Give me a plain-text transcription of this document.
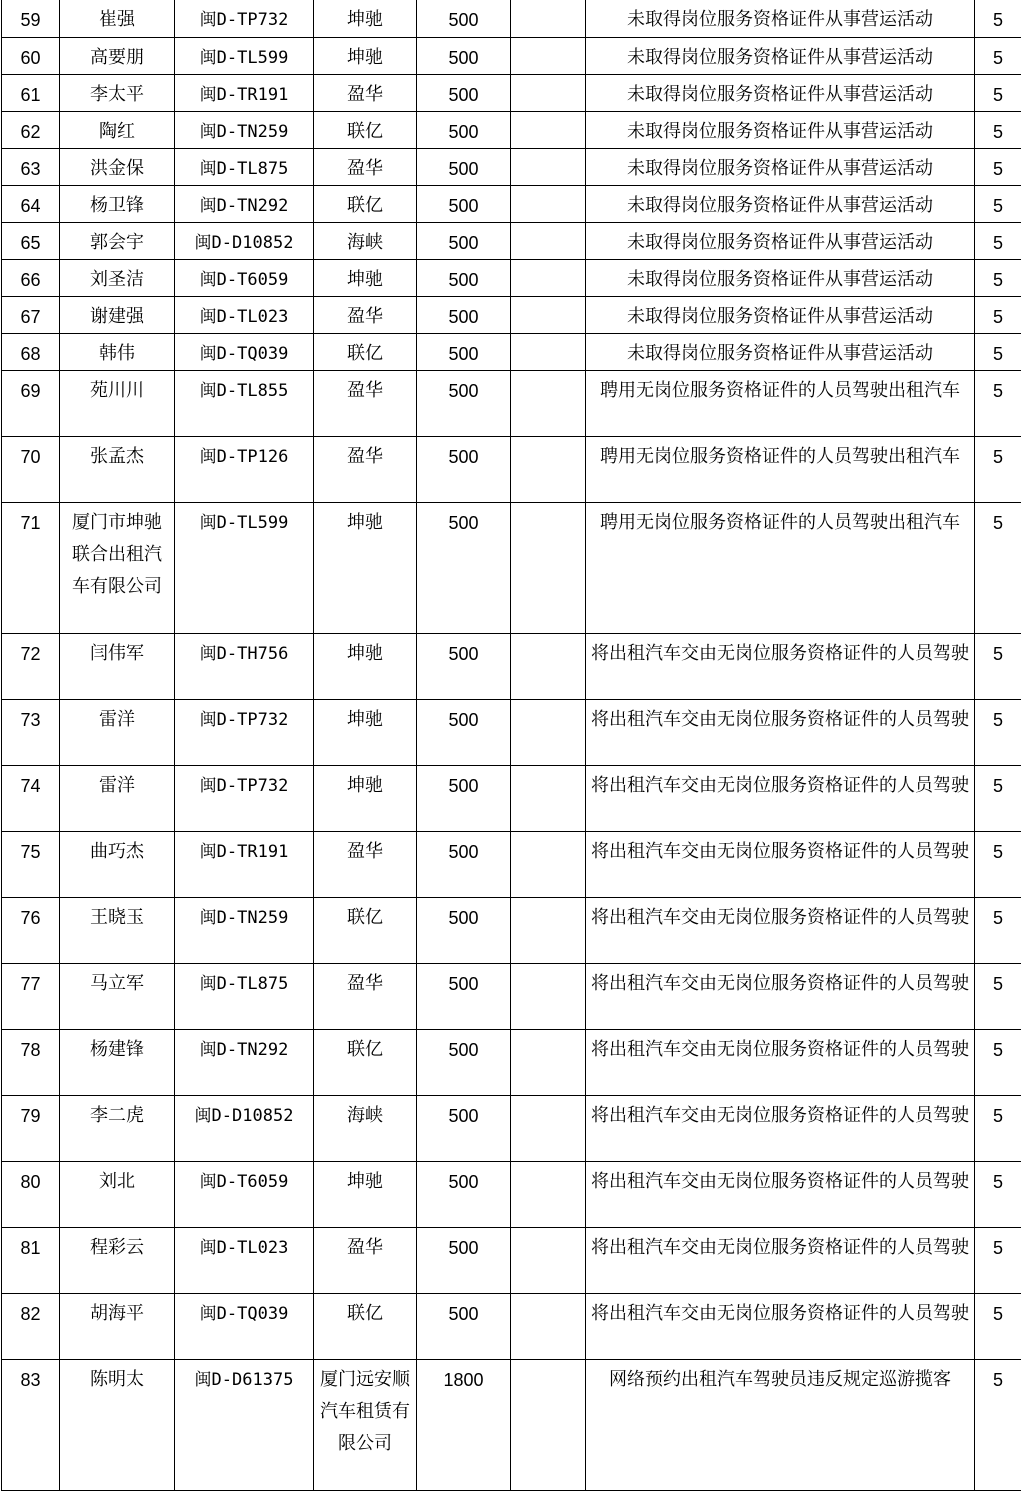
59	崔强	闽D-TP732	坤驰	500		未取得岗位服务资格证件从事营运活动	5
60	高要朋	闽D-TL599	坤驰	500		未取得岗位服务资格证件从事营运活动	5
61	李太平	闽D-TR191	盈华	500		未取得岗位服务资格证件从事营运活动	5
62	陶红	闽D-TN259	联亿	500		未取得岗位服务资格证件从事营运活动	5
63	洪金保	闽D-TL875	盈华	500		未取得岗位服务资格证件从事营运活动	5
64	杨卫锋	闽D-TN292	联亿	500		未取得岗位服务资格证件从事营运活动	5
65	郭会宇	闽D-D10852	海峡	500		未取得岗位服务资格证件从事营运活动	5
66	刘圣洁	闽D-T6059	坤驰	500		未取得岗位服务资格证件从事营运活动	5
67	谢建强	闽D-TL023	盈华	500		未取得岗位服务资格证件从事营运活动	5
68	韩伟	闽D-TQ039	联亿	500		未取得岗位服务资格证件从事营运活动	5
69	苑川川	闽D-TL855	盈华	500		聘用无岗位服务资格证件的人员驾驶出租汽车	5
70	张孟杰	闽D-TP126	盈华	500		聘用无岗位服务资格证件的人员驾驶出租汽车	5
71	厦门市坤驰联合出租汽车有限公司	闽D-TL599	坤驰	500		聘用无岗位服务资格证件的人员驾驶出租汽车	5
72	闫伟军	闽D-TH756	坤驰	500		将出租汽车交由无岗位服务资格证件的人员驾驶	5
73	雷洋	闽D-TP732	坤驰	500		将出租汽车交由无岗位服务资格证件的人员驾驶	5
74	雷洋	闽D-TP732	坤驰	500		将出租汽车交由无岗位服务资格证件的人员驾驶	5
75	曲巧杰	闽D-TR191	盈华	500		将出租汽车交由无岗位服务资格证件的人员驾驶	5
76	王晓玉	闽D-TN259	联亿	500		将出租汽车交由无岗位服务资格证件的人员驾驶	5
77	马立军	闽D-TL875	盈华	500		将出租汽车交由无岗位服务资格证件的人员驾驶	5
78	杨建锋	闽D-TN292	联亿	500		将出租汽车交由无岗位服务资格证件的人员驾驶	5
79	李二虎	闽D-D10852	海峡	500		将出租汽车交由无岗位服务资格证件的人员驾驶	5
80	刘北	闽D-T6059	坤驰	500		将出租汽车交由无岗位服务资格证件的人员驾驶	5
81	程彩云	闽D-TL023	盈华	500		将出租汽车交由无岗位服务资格证件的人员驾驶	5
82	胡海平	闽D-TQ039	联亿	500		将出租汽车交由无岗位服务资格证件的人员驾驶	5
83	陈明太	闽D-D61375	厦门远安顺汽车租赁有限公司	1800		网络预约出租汽车驾驶员违反规定巡游揽客	5
